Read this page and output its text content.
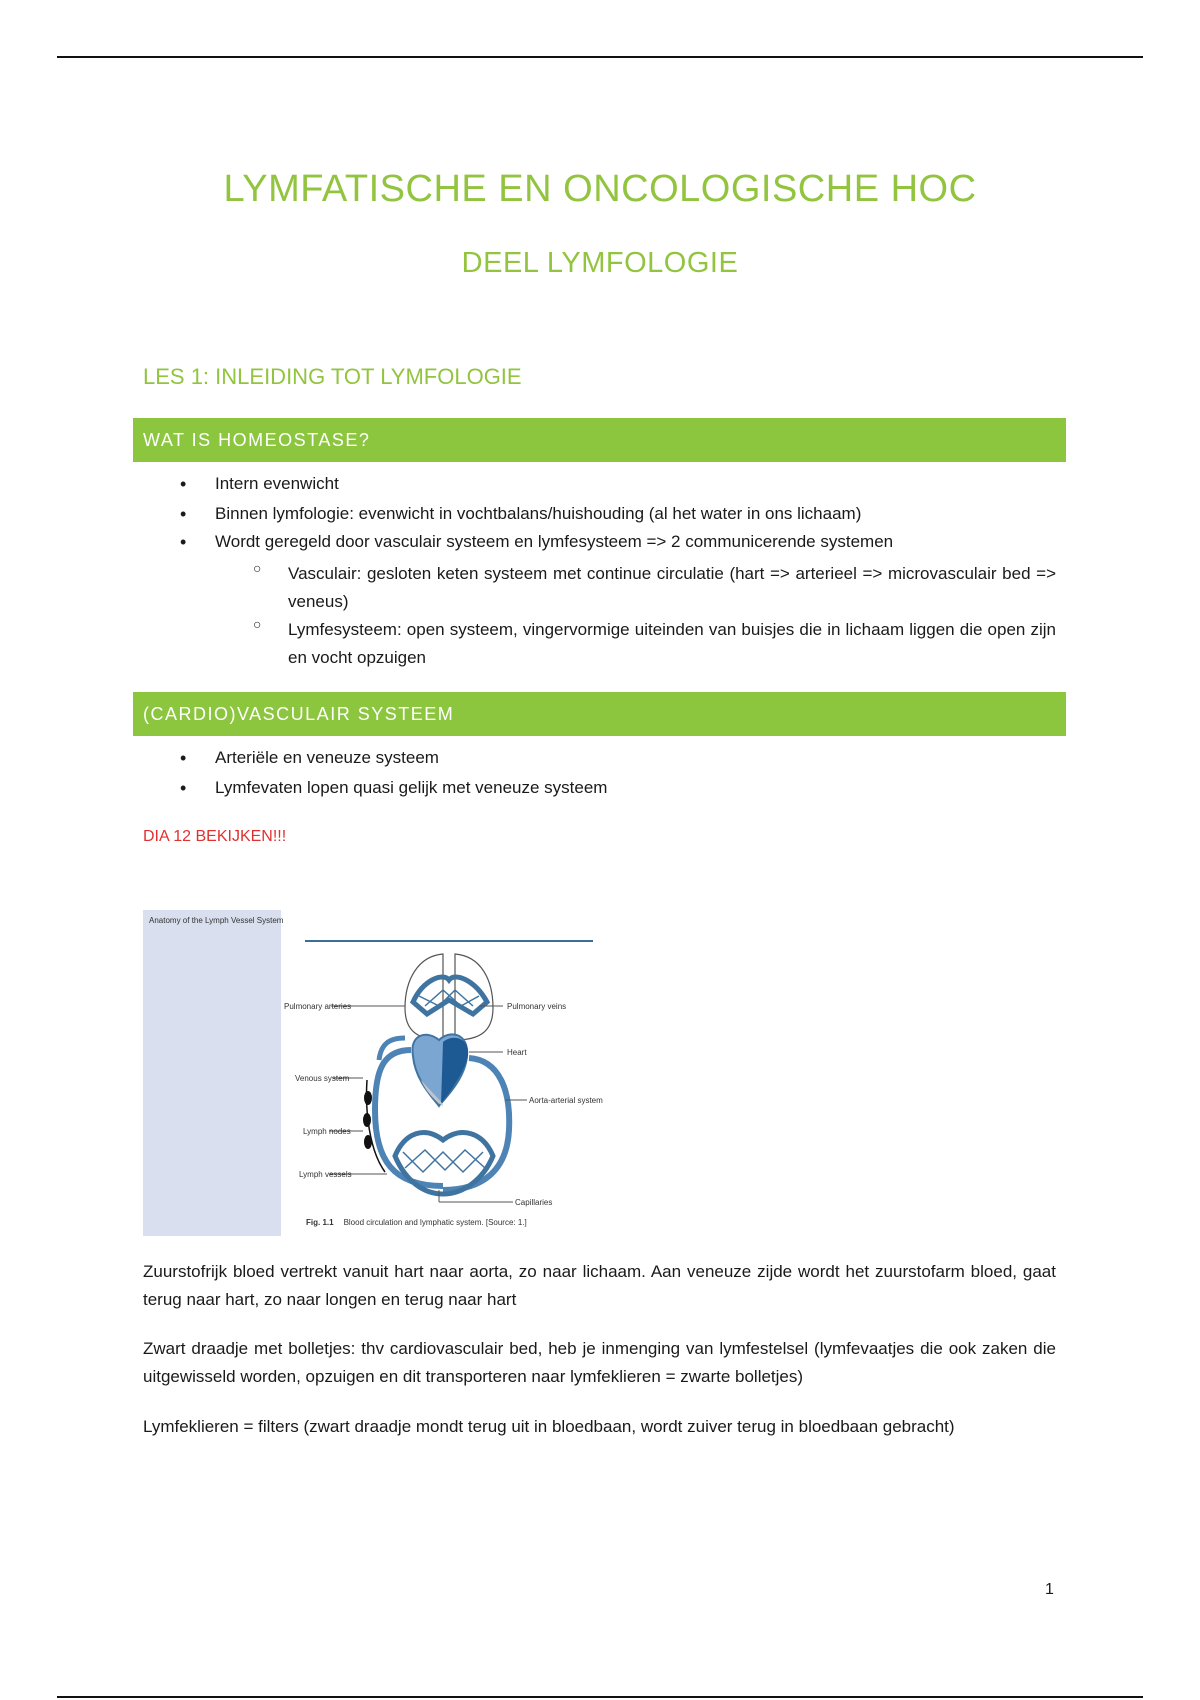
LYMFATISCHE EN ONCOLOGISCHE HOC
DEEL LYMFOLOGIE
LES 1: INLEIDING TOT LYMFOLOGIE
WAT IS HOMEOSTASE?
• Intern evenwicht
• Binnen lymfologie: evenwicht in vochtbalans/huishouding (al het water in ons lichaam)
• Wordt geregeld door vasculair systeem en lymfesysteem => 2 communicerende systemen
○ Vasculair: gesloten keten systeem met continue circulatie (hart => arterieel => microvasculair bed => veneus)
○ Lymfesysteem: open systeem, vingervormige uiteinden van buisjes die in lichaam liggen die open zijn en vocht opzuigen
(CARDIO)VASCULAIR SYSTEEM
• Arteriële en veneuze systeem
• Lymfevaten lopen quasi gelijk met veneuze systeem
DIA 12 BEKIJKEN!!!
Anatomy of the Lymph Vessel System
Pulmonary arteries	Pulmonary veins
Heart
Venous system
Aorta-arterial system
Lymph nodes
Lymph vessels
Capillaries
Fig. 1.1 Blood circulation and lymphatic system. [Source: 1.]

Zuurstofrijk bloed vertrekt vanuit hart naar aorta, zo naar lichaam. Aan veneuze zijde wordt het zuurstofarm bloed, gaat terug naar hart, zo naar longen en terug naar hart

Zwart draadje met bolletjes: thv cardiovasculair bed, heb je inmenging van lymfestelsel (lymfevaatjes die ook zaken die uitgewisseld worden, opzuigen en dit transporteren naar lymfeklieren = zwarte bolletjes)

Lymfeklieren = filters (zwart draadje mondt terug uit in bloedbaan, wordt zuiver terug in bloedbaan gebracht)

1
